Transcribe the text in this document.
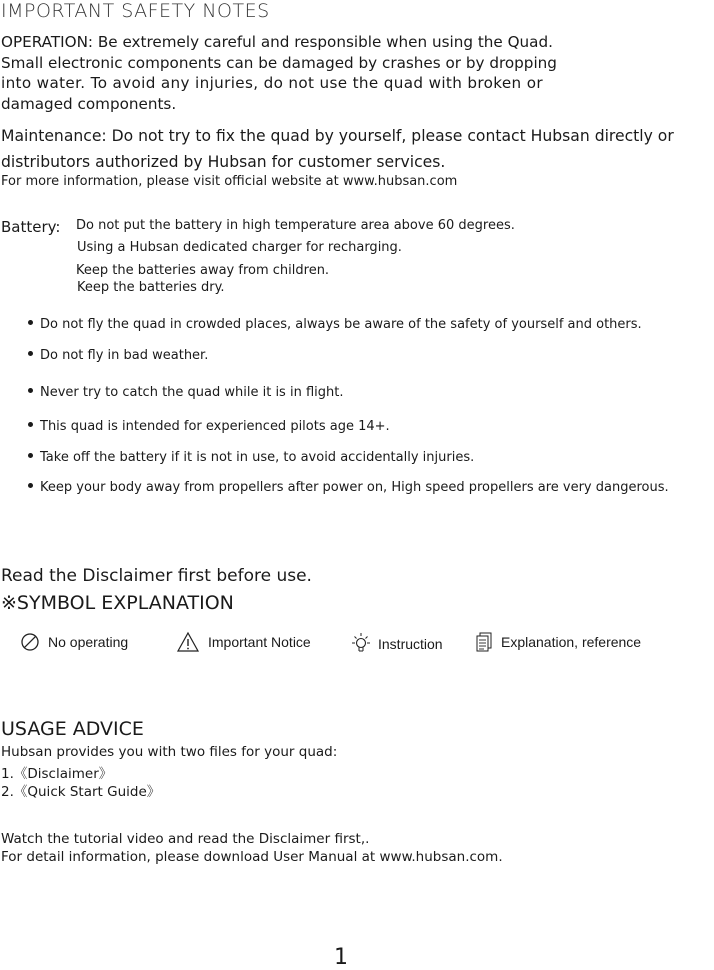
IMPORTANT SAFETY NOTES
OPERATION: Be extremely careful and responsible when using the Quad.
Small electronic components can be damaged by crashes or by dropping
into water. To avoid any injuries, do not use the quad with broken or
damaged components.
Maintenance: Do not try to fix the quad by yourself, please contact Hubsan directly or
distributors authorized by Hubsan for customer services.
For more information, please visit official website at www.hubsan.com
Battery: Do not put the battery in high temperature area above 60 degrees.
Using a Hubsan dedicated charger for recharging.
Keep the batteries away from children.
Keep the batteries dry.
Do not fly the quad in crowded places, always be aware of the safety of yourself and others.
Do not fly in bad weather.
Never try to catch the quad while it is in flight.
This quad is intended for experienced pilots age 14+.
Take off the battery if it is not in use, to avoid accidentally injuries.
Keep your body away from propellers after power on, High speed propellers are very dangerous.
Read the Disclaimer first before use.
※SYMBOL EXPLANATION
No operating	Important Notice	Instruction	Explanation, reference
USAGE ADVICE
Hubsan provides you with two files for your quad:
1.《Disclaimer》
2.《Quick Start Guide》
Watch the tutorial video and read the Disclaimer first,.
For detail information, please download User Manual at www.hubsan.com.
1
